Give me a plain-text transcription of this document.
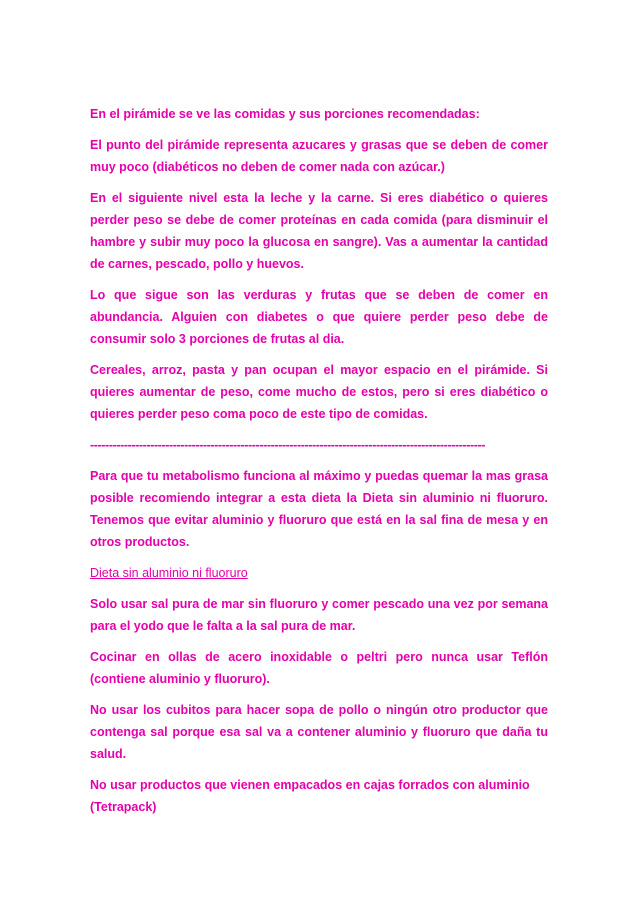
En el pirámide se ve las comidas y sus porciones recomendadas:

El punto del pirámide representa azucares y grasas que se deben de comer muy poco (diabéticos no deben de comer nada con azúcar.)

En el siguiente nivel esta la leche y la carne. Si eres diabético o quieres perder peso se debe de comer proteínas en cada comida (para disminuir el hambre y subir muy poco la glucosa en sangre). Vas a aumentar la cantidad de carnes, pescado, pollo y huevos.

Lo que sigue son las verduras y frutas que se deben de comer en abundancia. Alguien con diabetes o que quiere perder peso debe de consumir solo 3 porciones de frutas al dia.

Cereales, arroz, pasta y pan ocupan el mayor espacio en el pirámide. Si quieres aumentar de peso, come mucho de estos, pero si eres diabético o quieres perder peso coma poco de este tipo de comidas.

---------------------------------------------------------------------------------------------------------

Para que tu metabolismo funciona al máximo y puedas quemar la mas grasa posible recomiendo integrar a esta dieta la Dieta sin aluminio ni fluoruro. Tenemos que evitar aluminio y fluoruro que está en la sal fina de mesa y en otros productos.

Dieta sin aluminio ni fluoruro

Solo usar sal pura de mar sin fluoruro y comer pescado una vez por semana para el yodo que le falta a la sal pura de mar.

Cocinar en ollas de acero inoxidable o peltri pero nunca usar Teflón (contiene aluminio y fluoruro).

No usar los cubitos para hacer sopa de pollo o ningún otro productor que contenga sal porque esa sal va a contener aluminio y fluoruro que daña tu salud.

No usar productos que vienen empacados en cajas forrados con aluminio (Tetrapack)
